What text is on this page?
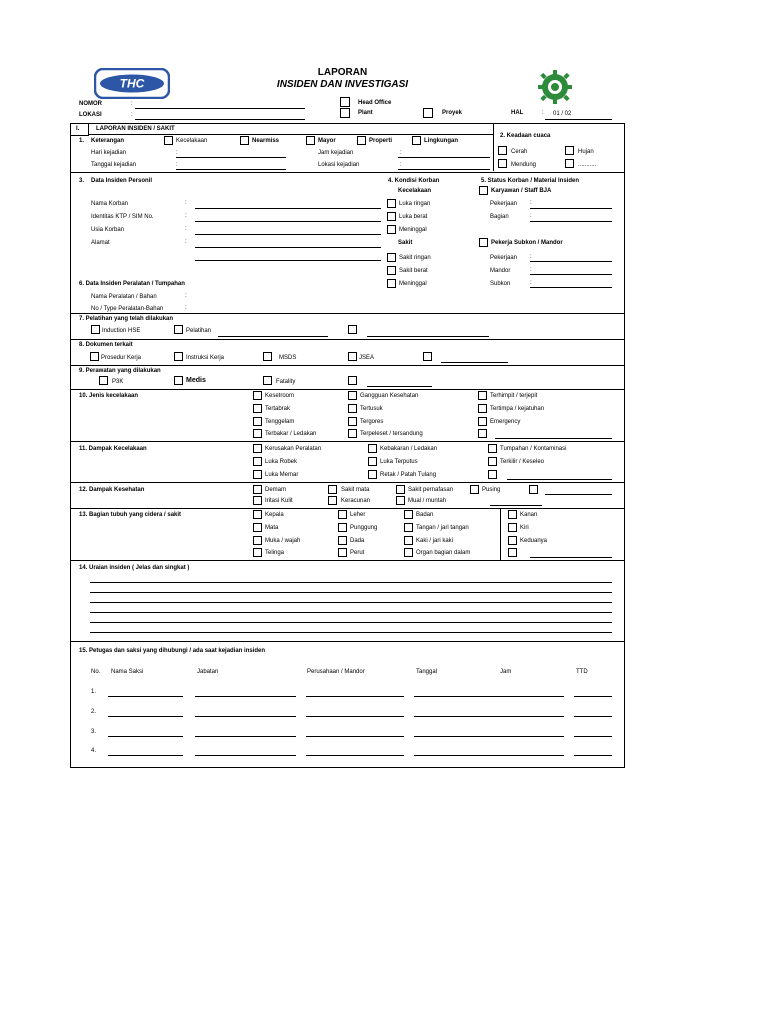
THC
LAPORAN
INSIDEN DAN INVESTIGASI
NOMOR	:
LOKASI	:
Head Office
Plant	Proyek	HAL	: 01 / 02
I.	LAPORAN INSIDEN / SAKIT
1. Keterangan	Kecelakaan	Nearmiss	Mayor	Properti	Lingkungan
Hari kejadian	:	Jam kejadian	:
Tanggal kejadian	:	Lokasi kejadian	:
2. Keadaan cuaca
Cerah	Hujan
Mendung	...........
3. Data Insiden Personil
Nama Korban	:
Identitas KTP / SIM No.	:
Usia Korban	:
Alamat	:
4. Kondisi Korban
Kecelakaan
Luka ringan
Luka berat
Meninggal
Sakit
Sakit ringan
Sakit berat
Meninggal
5. Status Korban / Material Insiden
Karyawan / Staff BJA
Pekerjaan :
Bagian	:
Pekerja Subkon / Mandor
Pekerjaan :
Mandor	:
Subkon	:
6. Data Insiden Peralatan / Tumpahan
Nama Peralatan / Bahan	:
No / Type Peralatan-Bahan	:
7. Pelatihan yang telah dilakukan
Induction HSE	Pelatihan
8. Dokumen terkait
Prosedur Kerja	Instruksi Kerja	MSDS	JSEA
9. Perawatan yang dilakukan
P3K	Medis	Fatality
10. Jenis kecelakaan	Kesetroom	Gangguan Kesehatan	Terhimpit / terjepit
Tertabrak	Tertusuk	Tertimpa / kejatuhan
Tenggelam	Tergores	Emergency
Terbakar / Ledakan	Terpeleset / tersandung
11. Dampak Kecelakaan	Kerusakan Peralatan	Kebakaran / Ledakan	Tumpahan / Kontaminasi
Luka Robek	Luka Terputus	Terkilir / Keseleo
Luka Memar	Retak / Patah Tulang
12. Dampak Kesehatan	Demam	Sakit mata	Sakit pernafasan	Pusing
Iritasi Kulit	Keracunan	Mual / muntah
13. Bagian tubuh yang cidera / sakit	Kepala	Leher	Badan	Kanan
Mata	Punggung	Tangan / jari tangan	Kiri
Muka / wajah	Dada	Kaki / jari kaki	Keduanya
Telinga	Perut	Organ bagian dalam
14. Uraian insiden ( Jelas dan singkat )
15. Petugas dan saksi yang dihubungi / ada saat kejadian insiden
No. Nama Saksi	Jabatan	Perusahaan / Mandor	Tanggal	Jam	TTD
1.
2.
3.
4.
